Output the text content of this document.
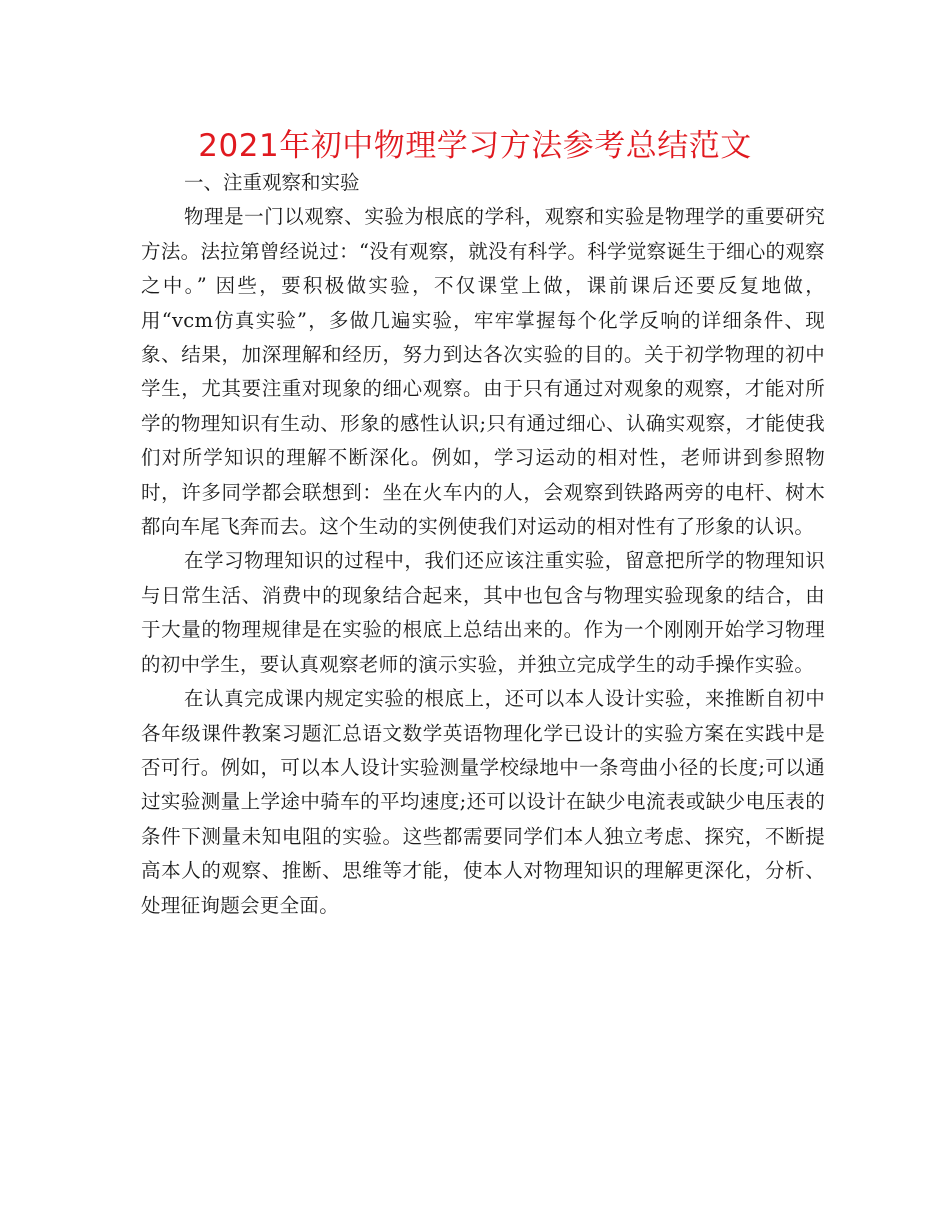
2021年初中物理学习方法参考总结范文
一、注重观察和实验

物理是一门以观察、实验为根底的学科，观察和实验是物理学的重要研究方法。法拉第曾经说过：“没有观察，就没有科学。科学觉察诞生于细心的观察之中。” 因些，要积极做实验，不仅课堂上做，课前课后还要反复地做，用“vcm仿真实验”，多做几遍实验，牢牢掌握每个化学反响的详细条件、现象、结果，加深理解和经历，努力到达各次实验的目的。关于初学物理的初中学生，尤其要注重对现象的细心观察。由于只有通过对观象的观察，才能对所学的物理知识有生动、形象的感性认识;只有通过细心、认确实观察，才能使我们对所学知识的理解不断深化。例如，学习运动的相对性，老师讲到参照物时，许多同学都会联想到：坐在火车内的人，会观察到铁路两旁的电杆、树木都向车尾飞奔而去。这个生动的实例使我们对运动的相对性有了形象的认识。

在学习物理知识的过程中，我们还应该注重实验，留意把所学的物理知识与日常生活、消费中的现象结合起来，其中也包含与物理实验现象的结合，由于大量的物理规律是在实验的根底上总结出来的。作为一个刚刚开始学习物理的初中学生，要认真观察老师的演示实验，并独立完成学生的动手操作实验。

在认真完成课内规定实验的根底上，还可以本人设计实验，来推断自初中各年级课件教案习题汇总语文数学英语物理化学已设计的实验方案在实践中是否可行。例如，可以本人设计实验测量学校绿地中一条弯曲小径的长度;可以通过实验测量上学途中骑车的平均速度;还可以设计在缺少电流表或缺少电压表的条件下测量未知电阻的实验。这些都需要同学们本人独立考虑、探究，不断提高本人的观察、推断、思维等才能，使本人对物理知识的理解更深化，分析、处理征询题会更全面。
